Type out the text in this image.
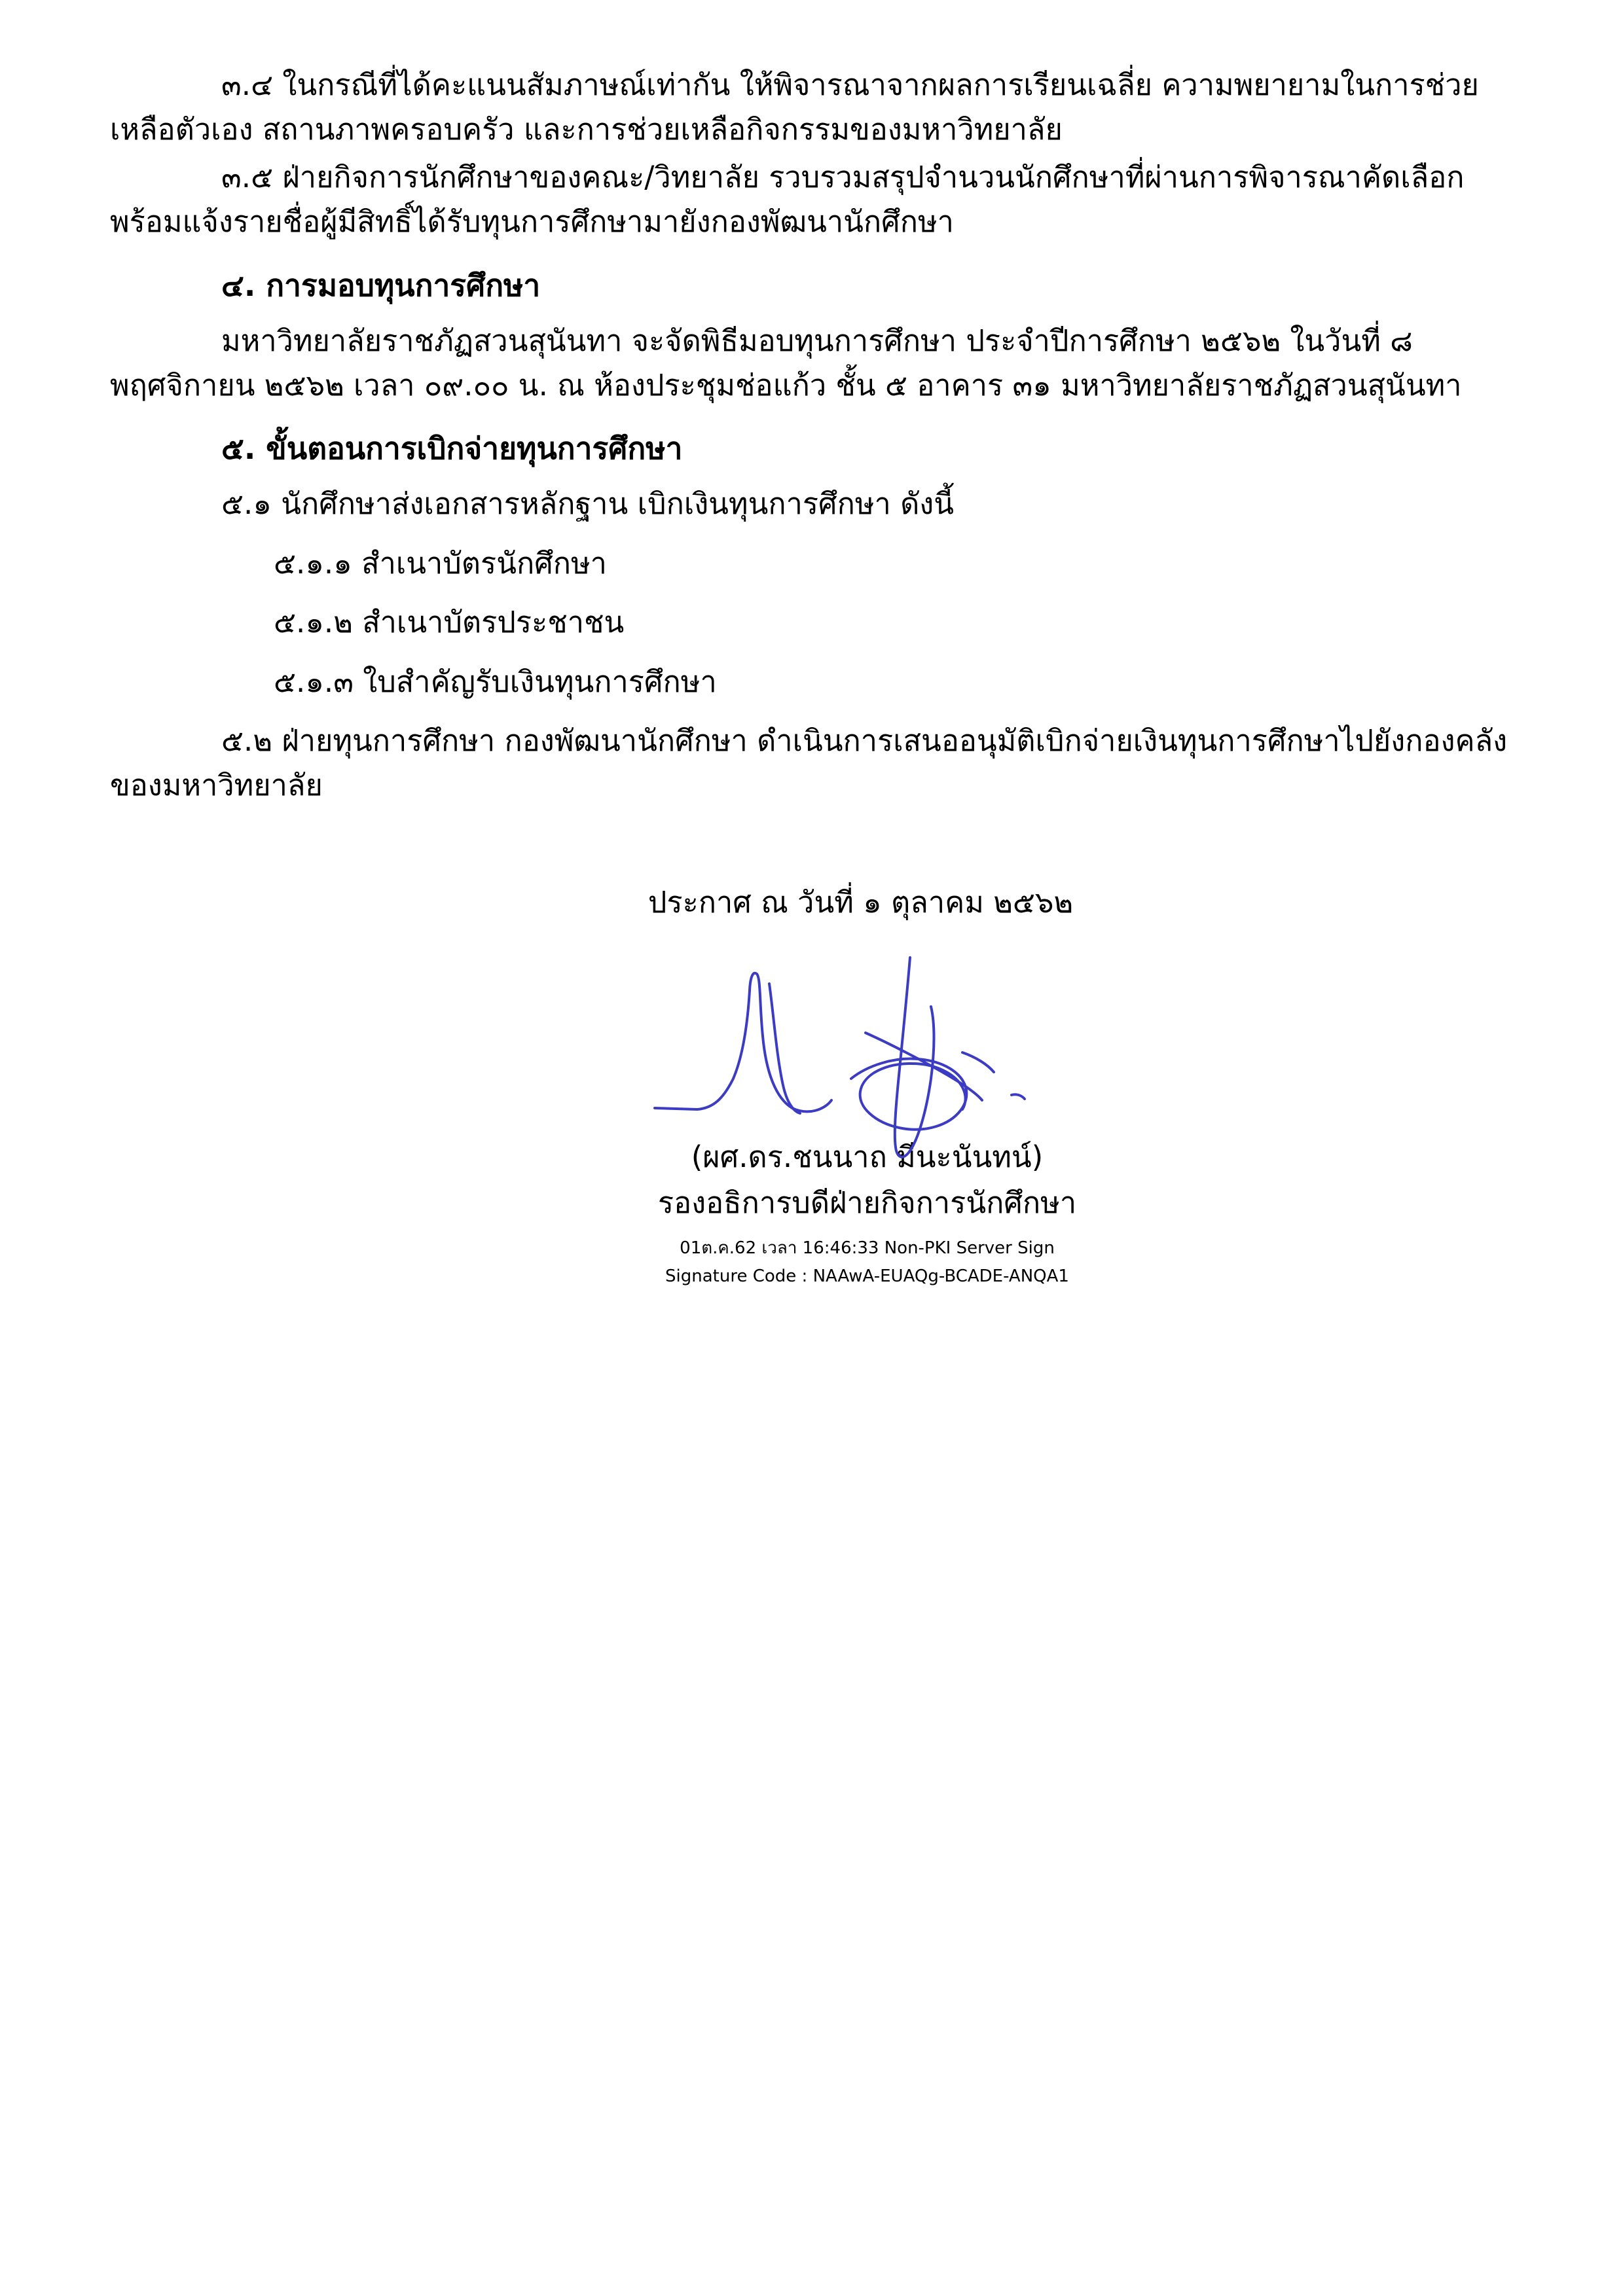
๓.๔ ในกรณีที่ได้คะแนนสัมภาษณ์เท่ากัน ให้พิจารณาจากผลการเรียนเฉลี่ย ความพยายามในการช่วยเหลือตัวเอง สถานภาพครอบครัว และการช่วยเหลือกิจกรรมของมหาวิทยาลัย

๓.๕ ฝ่ายกิจการนักศึกษาของคณะ/วิทยาลัย รวบรวมสรุปจำนวนนักศึกษาที่ผ่านการพิจารณาคัดเลือก พร้อมแจ้งรายชื่อผู้มีสิทธิ์ได้รับทุนการศึกษามายังกองพัฒนานักศึกษา

๔. การมอบทุนการศึกษา

มหาวิทยาลัยราชภัฏสวนสุนันทา จะจัดพิธีมอบทุนการศึกษา ประจำปีการศึกษา ๒๕๖๒ ในวันที่ ๘ พฤศจิกายน ๒๕๖๒ เวลา ๐๙.๐๐ น. ณ ห้องประชุมช่อแก้ว ชั้น ๕ อาคาร ๓๑ มหาวิทยาลัยราชภัฏสวนสุนันทา

๕. ขั้นตอนการเบิกจ่ายทุนการศึกษา

๕.๑ นักศึกษาส่งเอกสารหลักฐาน เบิกเงินทุนการศึกษา ดังนี้

๕.๑.๑ สำเนาบัตรนักศึกษา

๕.๑.๒ สำเนาบัตรประชาชน

๕.๑.๓ ใบสำคัญรับเงินทุนการศึกษา

๕.๒ ฝ่ายทุนการศึกษา กองพัฒนานักศึกษา ดำเนินการเสนออนุมัติเบิกจ่ายเงินทุนการศึกษาไปยังกองคลังของมหาวิทยาลัย

ประกาศ ณ วันที่ ๑ ตุลาคม ๒๕๖๒

(ผศ.ดร.ชนนาถ มีนะนันทน์)
รองอธิการบดีฝ่ายกิจการนักศึกษา
01ต.ค.62 เวลา 16:46:33 Non-PKI Server Sign
Signature Code : NAAwA-EUAQg-BCADE-ANQA1
